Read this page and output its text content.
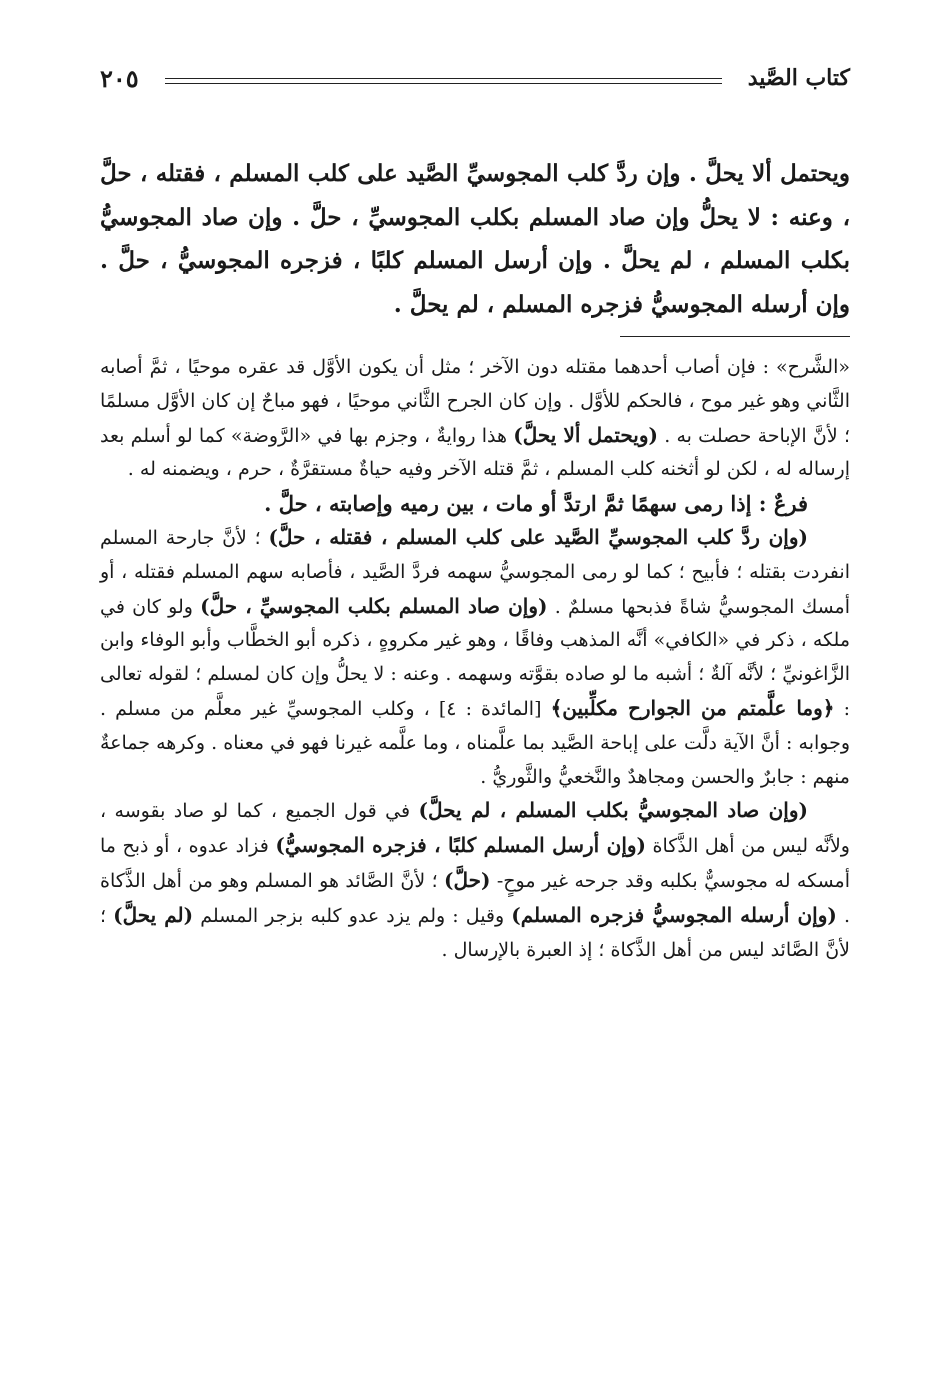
كتاب الصَّيد
٢٠٥

ويحتمل ألا يحلَّ . وإن ردَّ كلب المجوسيِّ الصَّيد على كلب المسلم ، فقتله ، حلَّ ، وعنه : لا يحلُّ وإن صاد المسلم بكلب المجوسيِّ ، حلَّ . وإن صاد المجوسيُّ بكلب المسلم ، لم يحلَّ . وإن أرسل المسلم كلبًا ، فزجره المجوسيُّ ، حلَّ . وإن أرسله المجوسيُّ فزجره المسلم ، لم يحلَّ .

«الشَّرح» : فإن أصاب أحدهما مقتله دون الآخر ؛ مثل أن يكون الأوَّل قد عقره موحيًا ، ثمَّ أصابه الثَّاني وهو غير موح ، فالحكم للأوَّل . وإن كان الجرح الثَّاني موحيًا ، فهو مباحٌ إن كان الأوَّل مسلمًا ؛ لأنَّ الإباحة حصلت به . (ويحتمل ألا يحلَّ) هذا روايةٌ ، وجزم بها في «الرَّوضة» كما لو أسلم بعد إرساله له ، لكن لو أثخنه كلب المسلم ، ثمَّ قتله الآخر وفيه حياةٌ مستقرَّةٌ ، حرم ، ويضمنه له .

فرعٌ : إذا رمى سهمًا ثمَّ ارتدَّ أو مات ، بين رميه وإصابته ، حلَّ .

(وإن ردَّ كلب المجوسيِّ الصَّيد على كلب المسلم ، فقتله ، حلَّ) ؛ لأنَّ جارحة المسلم انفردت بقتله ؛ فأبيح ؛ كما لو رمى المجوسيُّ سهمه فردَّ الصَّيد ، فأصابه سهم المسلم فقتله ، أو أمسك المجوسيُّ شاةً فذبحها مسلمٌ . (وإن صاد المسلم بكلب المجوسيِّ ، حلَّ) ولو كان في ملكه ، ذكر في «الكافي» أنَّه المذهب وفاقًا ، وهو غير مكروهٍ ، ذكره أبو الخطَّاب وأبو الوفاء وابن الزَّاغونيِّ ؛ لأنَّه آلةٌ ؛ أشبه ما لو صاده بقوَّته وسهمه . وعنه : لا يحلُّ وإن كان لمسلم ؛ لقوله تعالى : ﴿وما علَّمتم من الجوارح مكلِّبين﴾ [المائدة : ٤] ، وكلب المجوسيِّ غير معلَّم من مسلم . وجوابه : أنَّ الآية دلَّت على إباحة الصَّيد بما علَّمناه ، وما علَّمه غيرنا فهو في معناه . وكرهه جماعةٌ منهم : جابرٌ والحسن ومجاهدٌ والنَّخعيُّ والثَّوريُّ .

(وإن صاد المجوسيُّ بكلب المسلم ، لم يحلَّ) في قول الجميع ، كما لو صاد بقوسه ، ولأنَّه ليس من أهل الذَّكاة (وإن أرسل المسلم كلبًا ، فزجره المجوسيُّ) فزاد عدوه ، أو ذبح ما أمسكه له مجوسيٌّ بكلبه وقد جرحه غير موحٍ- (حلَّ) ؛ لأنَّ الصَّائد هو المسلم وهو من أهل الذَّكاة . (وإن أرسله المجوسيُّ فزجره المسلم) وقيل : ولم يزد عدو كلبه بزجر المسلم (لم يحلَّ) ؛ لأنَّ الصَّائد ليس من أهل الذَّكاة ؛ إذ العبرة بالإرسال .
